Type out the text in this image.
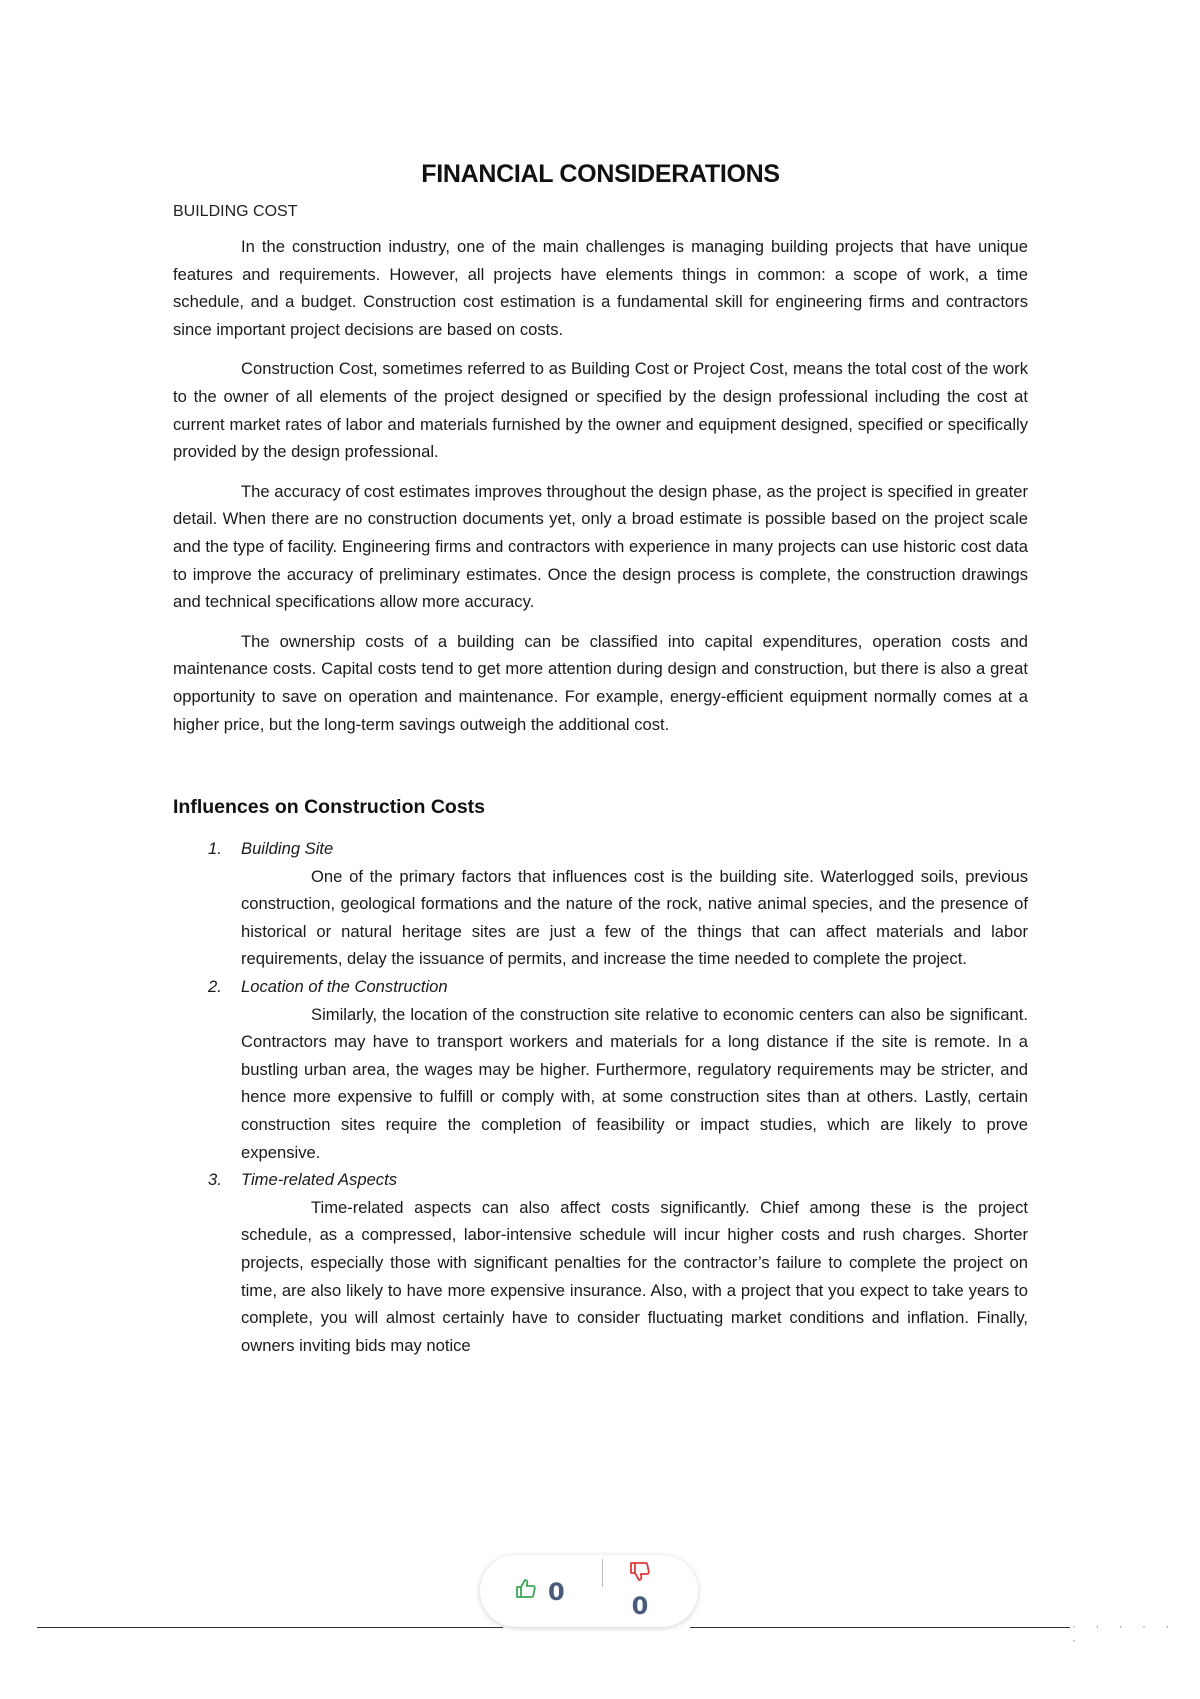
FINANCIAL CONSIDERATIONS
BUILDING COST

In the construction industry, one of the main challenges is managing building projects that have unique features and requirements. However, all projects have elements things in common: a scope of work, a time schedule, and a budget. Construction cost estimation is a fundamental skill for engineering firms and contractors since important project decisions are based on costs.

Construction Cost, sometimes referred to as Building Cost or Project Cost, means the total cost of the work to the owner of all elements of the project designed or specified by the design professional including the cost at current market rates of labor and materials furnished by the owner and equipment designed, specified or specifically provided by the design professional.

The accuracy of cost estimates improves throughout the design phase, as the project is specified in greater detail. When there are no construction documents yet, only a broad estimate is possible based on the project scale and the type of facility. Engineering firms and contractors with experience in many projects can use historic cost data to improve the accuracy of preliminary estimates. Once the design process is complete, the construction drawings and technical specifications allow more accuracy.

The ownership costs of a building can be classified into capital expenditures, operation costs and maintenance costs. Capital costs tend to get more attention during design and construction, but there is also a great opportunity to save on operation and maintenance. For example, energy-efficient equipment normally comes at a higher price, but the long-term savings outweigh the additional cost.

Influences on Construction Costs
1. Building Site

One of the primary factors that influences cost is the building site. Waterlogged soils, previous construction, geological formations and the nature of the rock, native animal species, and the presence of historical or natural heritage sites are just a few of the things that can affect materials and labor requirements, delay the issuance of permits, and increase the time needed to complete the project.

2. Location of the Construction

Similarly, the location of the construction site relative to economic centers can also be significant. Contractors may have to transport workers and materials for a long distance if the site is remote. In a bustling urban area, the wages may be higher. Furthermore, regulatory requirements may be stricter, and hence more expensive to fulfill or comply with, at some construction sites than at others. Lastly, certain construction sites require the completion of feasibility or impact studies, which are likely to prove expensive.

3. Time-related Aspects

Time-related aspects can also affect costs significantly. Chief among these is the project schedule, as a compressed, labor-intensive schedule will incur higher costs and rush charges. Shorter projects, especially those with significant penalties for the contractor’s failure to complete the project on time, are also likely to have more expensive insurance. Also, with a project that you expect to take years to complete, you will almost certainly have to consider fluctuating market conditions and inflation. Finally, owners inviting bids may notice

· · · · · ·
0
0
